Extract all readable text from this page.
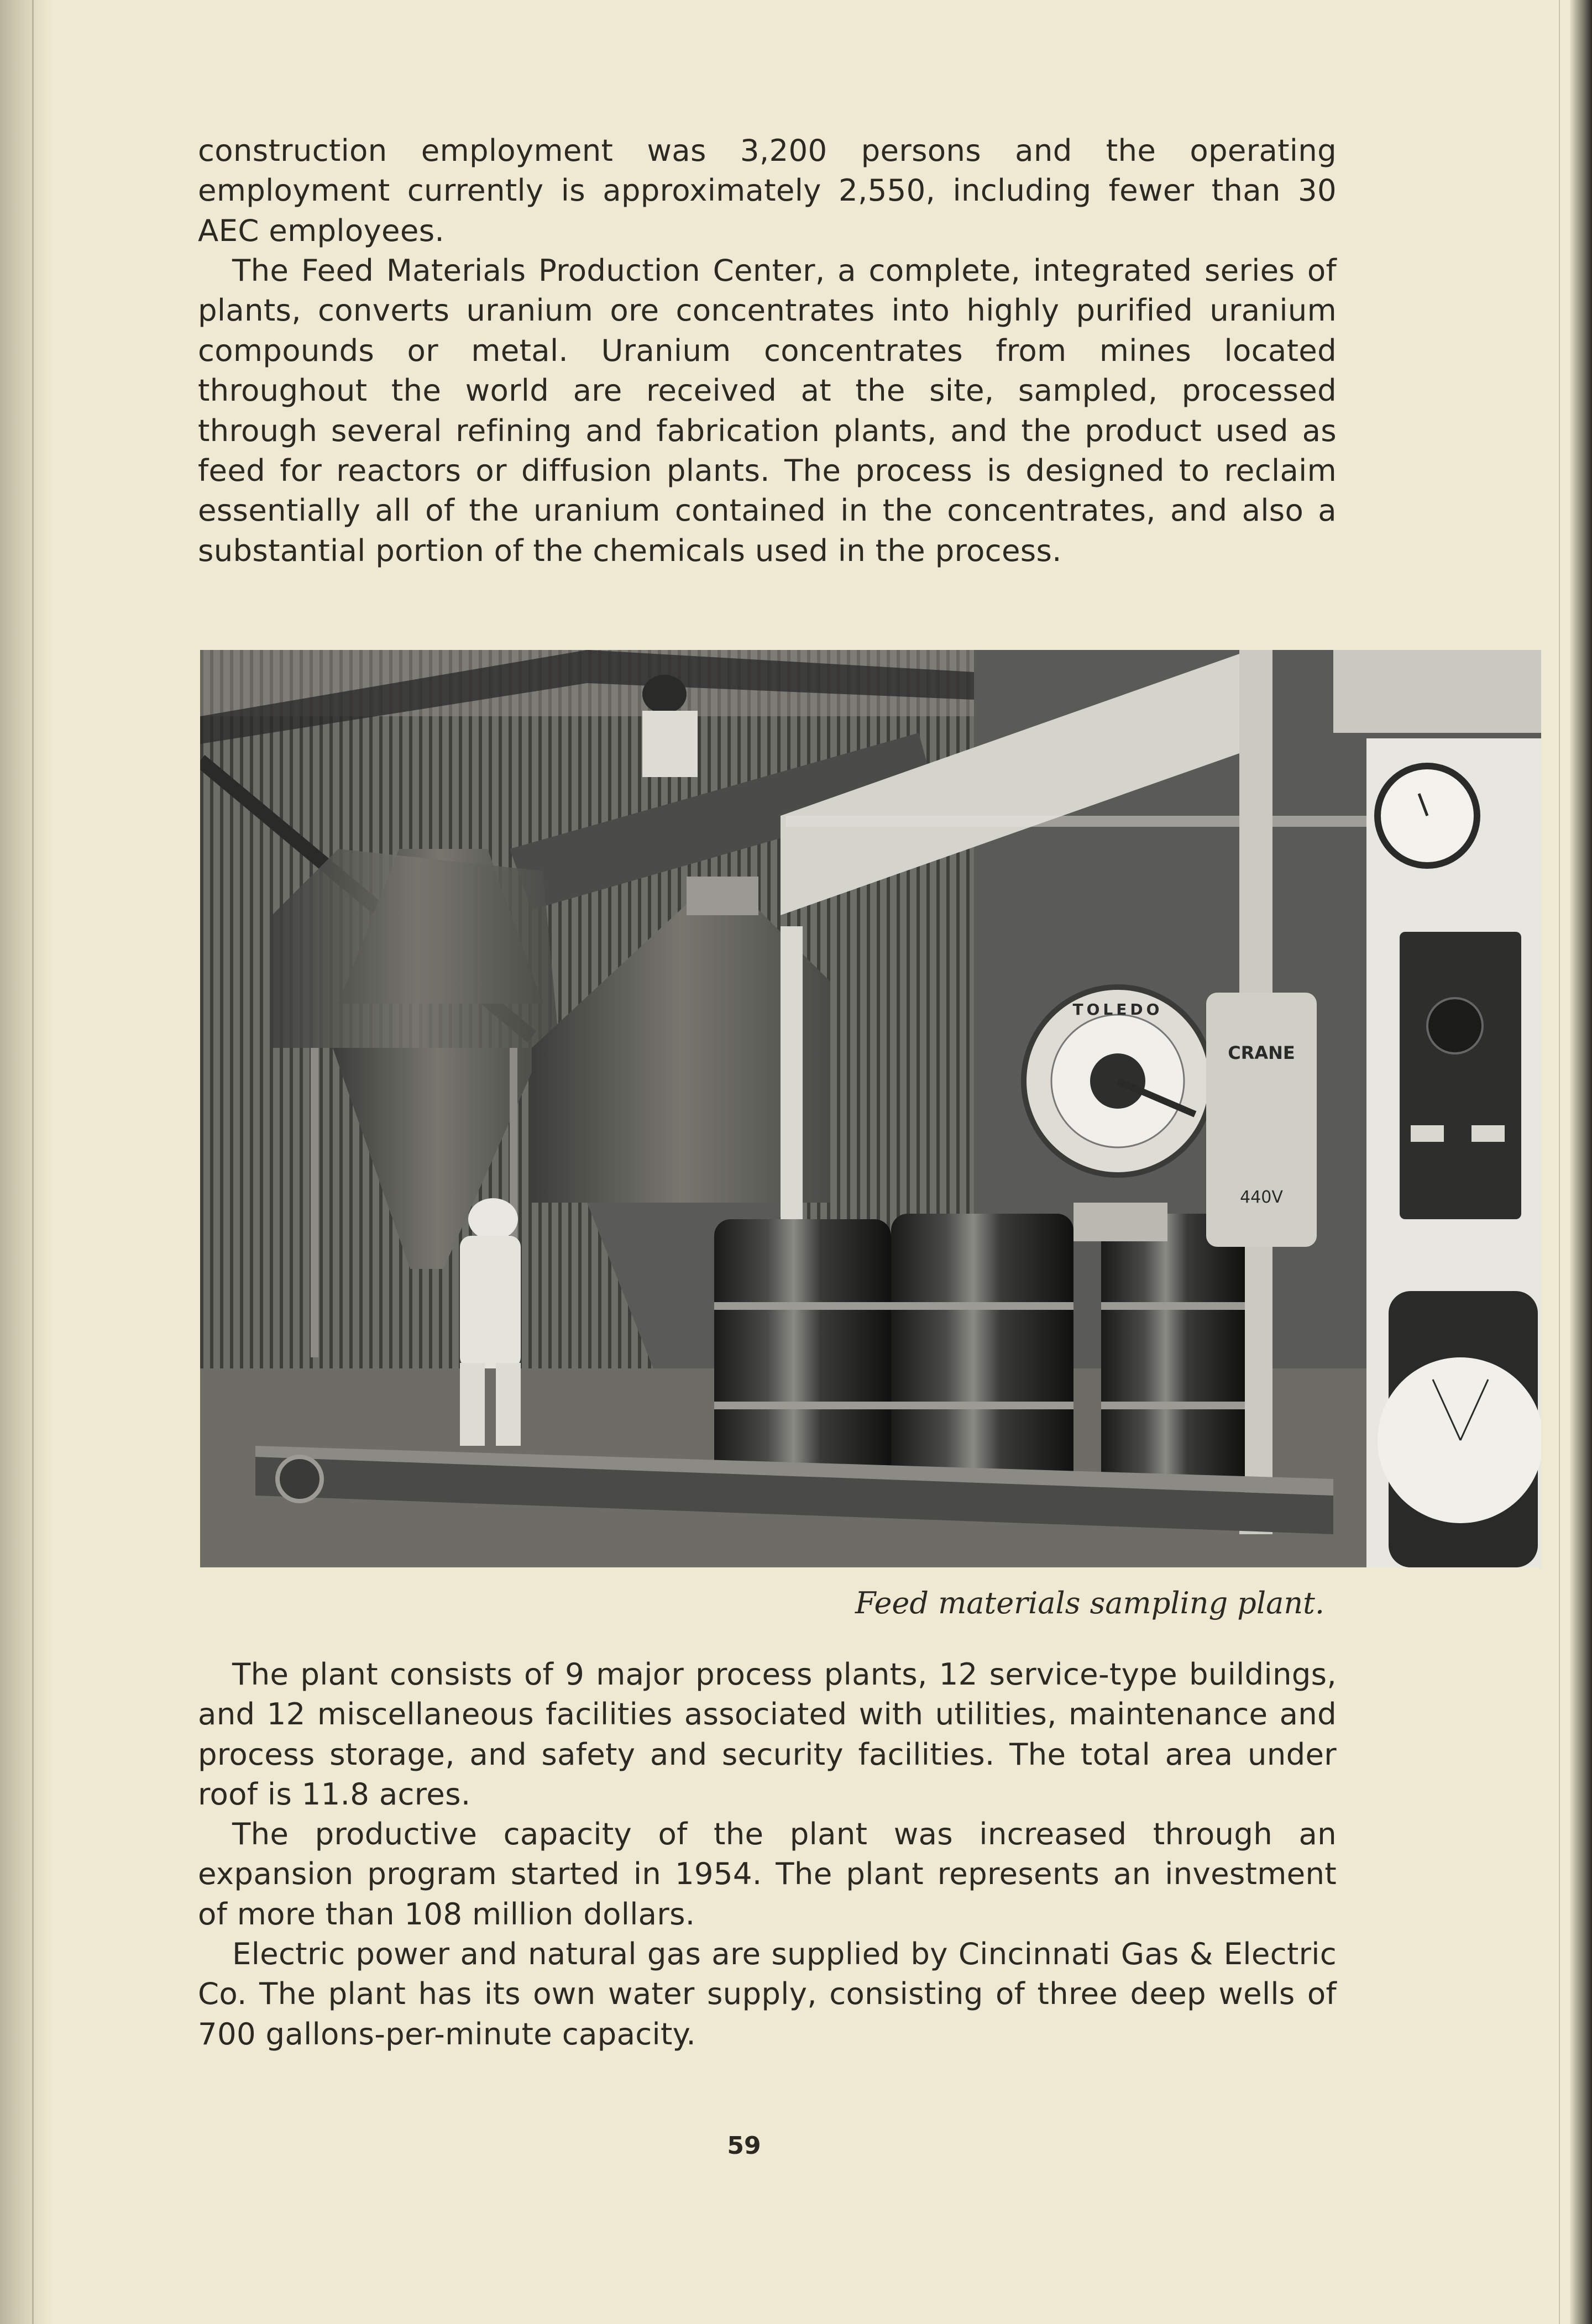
construction employment was 3,200 persons and the operating employment currently is approximately 2,550, including fewer than 30 AEC employees.

The Feed Materials Production Center, a complete, integrated series of plants, converts uranium ore concentrates into highly purified uranium compounds or metal. Uranium concentrates from mines located throughout the world are received at the site, sampled, processed through several refining and fabrication plants, and the product used as feed for reactors or diffusion plants. The process is designed to reclaim essentially all of the uranium contained in the concentrates, and also a substantial portion of the chemicals used in the process.

TOLEDO
CRANE
440V
Feed materials sampling plant.

The plant consists of 9 major process plants, 12 service-type buildings, and 12 miscellaneous facilities associated with utilities, maintenance and process storage, and safety and security facilities. The total area under roof is 11.8 acres.

The productive capacity of the plant was increased through an expansion program started in 1954. The plant represents an investment of more than 108 million dollars.

Electric power and natural gas are supplied by Cincinnati Gas & Electric Co. The plant has its own water supply, consisting of three deep wells of 700 gallons-per-minute capacity.

59
